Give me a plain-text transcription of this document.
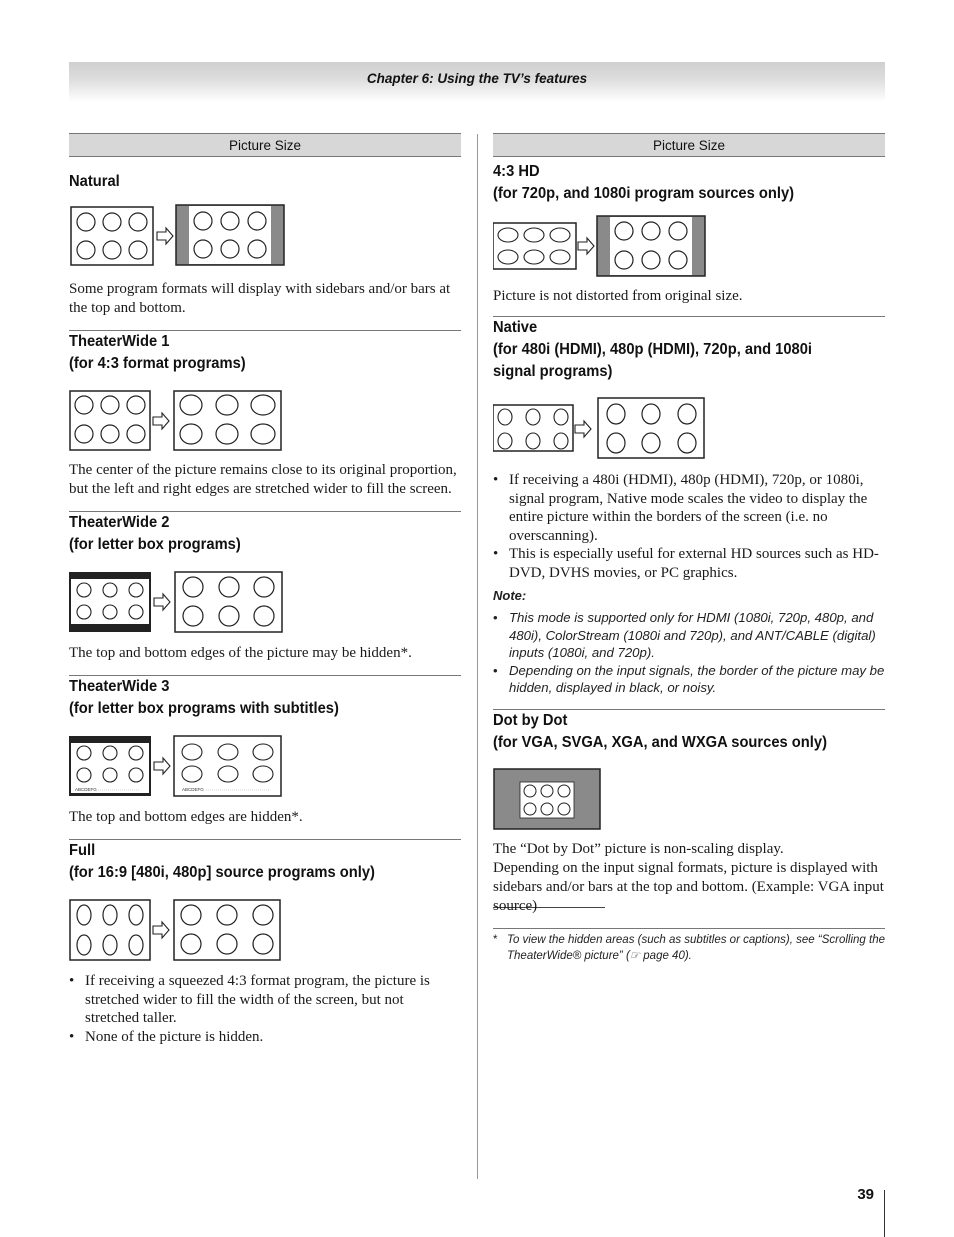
Chapter 6: Using the TV’s features
Picture Size
Natural
Some program formats will display with sidebars and/or bars at the top and bottom.
TheaterWide 1
(for 4:3 format programs)
The center of the picture remains close to its original proportion, but the left and right edges are stretched wider to fill the screen.
TheaterWide 2
(for letter box programs)
The top and bottom edges of the picture may be hidden*.
TheaterWide 3
(for letter box programs with subtitles)
ABCDEFG	ABCDEFG
The top and bottom edges are hidden*.
Full
(for 16:9 [480i, 480p] source programs only)
• If receiving a squeezed 4:3 format program, the picture is stretched wider to fill the width of the screen, but not stretched taller.
• None of the picture is hidden.
Picture Size
4:3 HD
(for 720p, and 1080i program sources only)
Picture is not distorted from original size.
Native
(for 480i (HDMI), 480p (HDMI), 720p, and 1080i
signal programs)
• If receiving a 480i (HDMI), 480p (HDMI), 720p, or 1080i, signal program, Native mode scales the video to display the entire picture within the borders of the screen (i.e. no overscanning).
• This is especially useful for external HD sources such as HD-DVD, DVHS movies, or PC graphics.
Note:
• This mode is supported only for HDMI (1080i, 720p, 480p, and 480i), ColorStream (1080i and 720p), and ANT/CABLE (digital) inputs (1080i, and 720p).
• Depending on the input signals, the border of the picture may be hidden, displayed in black, or noisy.
Dot by Dot
(for VGA, SVGA, XGA, and WXGA sources only)
The “Dot by Dot” picture is non-scaling display.
Depending on the input signal formats, picture is displayed with sidebars and/or bars at the top and bottom. (Example: VGA input source)
* To view the hidden areas (such as subtitles or captions), see “Scrolling the TheaterWide® picture” (☞ page 40).
39
